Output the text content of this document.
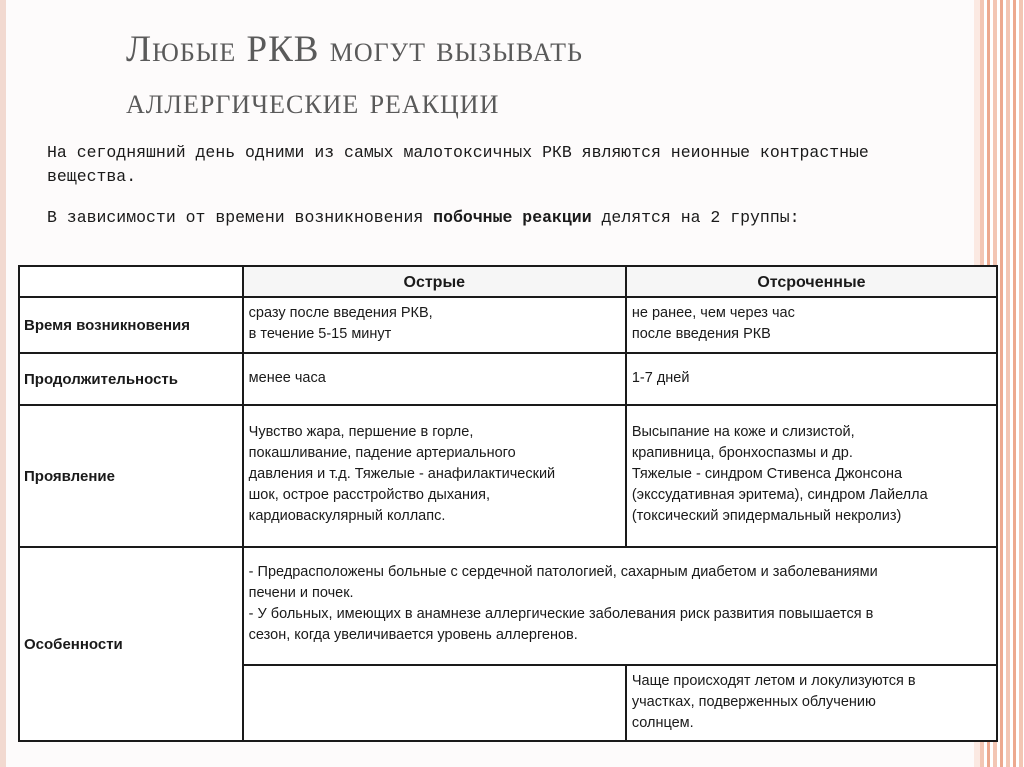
Любые РКВ могут вызывать
аллергические реакции
На сегодняшний день одними из самых малотоксичных РКВ являются неионные контрастные вещества.
В зависимости от времени возникновения побочные реакции делятся на 2 группы:
	Острые	Отсроченные
Время возникновения	сразу после введения РКВ,
в течение 5-15 минут	не ранее, чем через час
после введения РКВ

Продолжительность	менее часа	1-7 дней

Проявление	Чувство жара, першение в горле,
покашливание, падение артериального
давления и т.д. Тяжелые - анафилактический
шок, острое расстройство дыхания,
кардиоваскулярный коллапс.	Высыпание на коже и слизистой,
крапивница, бронхоспазмы и др.
Тяжелые - синдром Стивенса Джонсона
(экссудативная эритема), синдром Лайелла
(токсический эпидермальный некролиз)

Особенности	- Предрасположены больные с сердечной патологией, сахарным диабетом и заболеваниями
печени и почек.
- У больных, имеющих в анамнезе аллергические заболевания риск развития повышается в
сезон, когда увеличивается уровень аллергенов.	

		Чаще происходят летом и локулизуются в
участках, подверженных облучению
солнцем.
